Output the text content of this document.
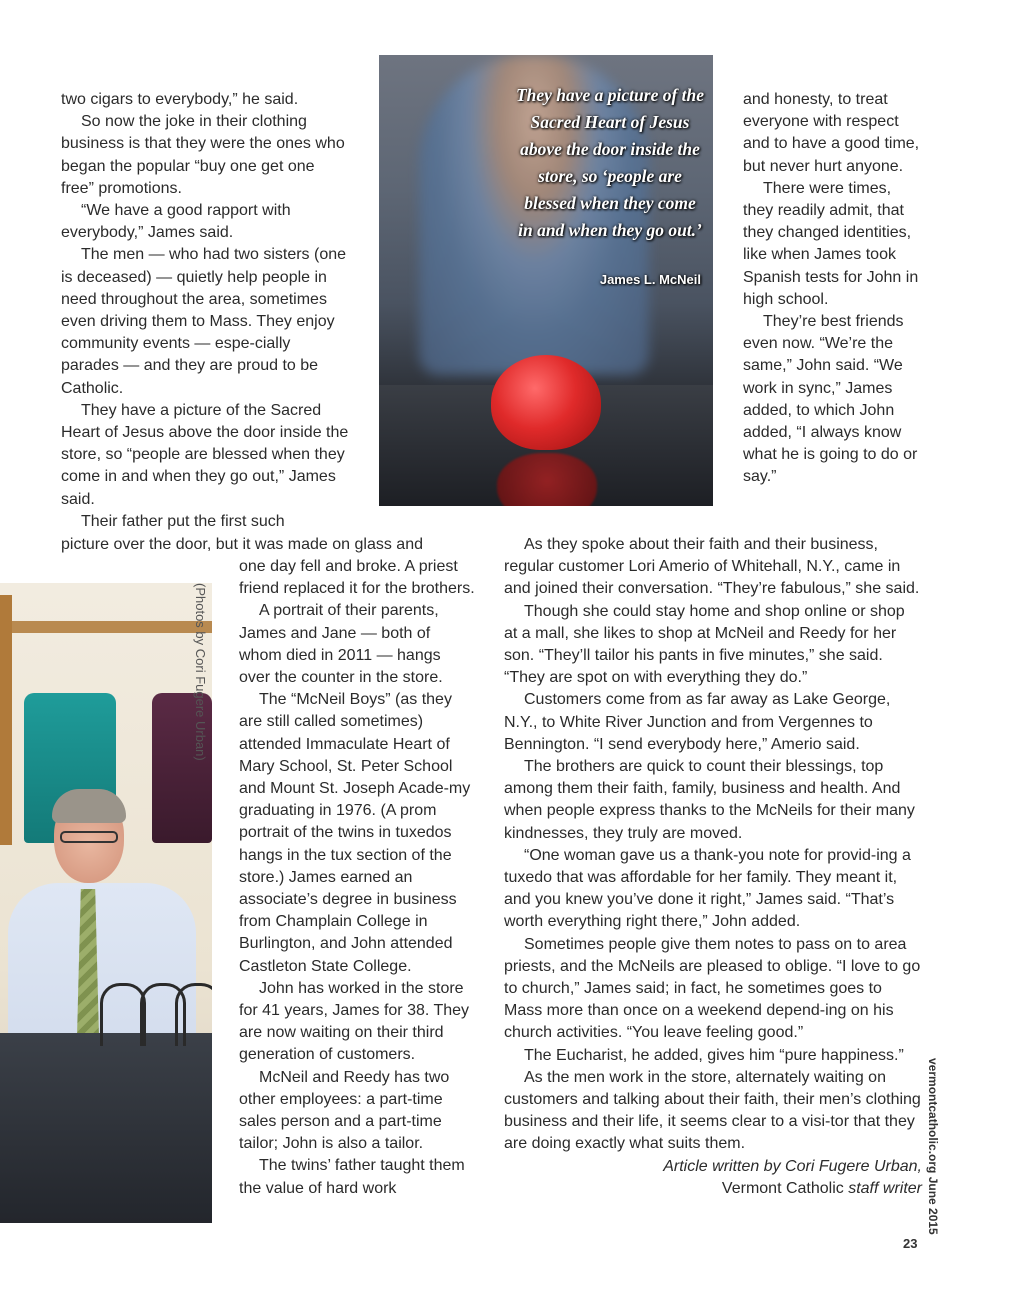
They have a picture of the Sacred Heart of Jesus above the door inside the store, so ‘people are blessed when they come in and when they go out.’
James L. McNeil

two cigars to everybody,” he said.

So now the joke in their clothing business is that they were the ones who began the popular “buy one get one free” promotions.

“We have a good rapport with everybody,” James said.

The men — who had two sisters (one is deceased) — quietly help people in need throughout the area, sometimes even driving them to Mass. They enjoy community events — espe-cially parades — and they are proud to be Catholic.

They have a picture of the Sacred Heart of Jesus above the door inside the store, so “people are blessed when they come in and when they go out,” James said.

Their father put the first such

picture over the door, but it was made on glass and

(Photos by Cori Fugere Urban)

one day fell and broke. A priest friend replaced it for the brothers.

A portrait of their parents, James and Jane — both of whom died in 2011 — hangs over the counter in the store.

The “McNeil Boys” (as they are still called sometimes) attended Immaculate Heart of Mary School, St. Peter School and Mount St. Joseph Acade-my graduating in 1976. (A prom portrait of the twins in tuxedos hangs in the tux section of the store.) James earned an associate’s degree in business from Champlain College in Burlington, and John attended Castleton State College.

John has worked in the store for 41 years, James for 38. They are now waiting on their third generation of customers.

McNeil and Reedy has two other employees: a part-time sales person and a part-time tailor; John is also a tailor.

The twins’ father taught them the value of hard work

and honesty, to treat everyone with respect and to have a good time, but never hurt anyone.

There were times, they readily admit, that they changed identities, like when James took Spanish tests for John in high school.

They’re best friends even now. “We’re the same,” John said. “We work in sync,” James added, to which John added, “I always know what he is going to do or say.”

As they spoke about their faith and their business, regular customer Lori Amerio of Whitehall, N.Y., came in and joined their conversation. “They’re fabulous,” she said.

Though she could stay home and shop online or shop at a mall, she likes to shop at McNeil and Reedy for her son. “They’ll tailor his pants in five minutes,” she said. “They are spot on with everything they do.”

Customers come from as far away as Lake George, N.Y., to White River Junction and from Vergennes to Bennington. “I send everybody here,” Amerio said.

The brothers are quick to count their blessings, top among them their faith, family, business and health. And when people express thanks to the McNeils for their many kindnesses, they truly are moved.

“One woman gave us a thank-you note for provid-ing a tuxedo that was affordable for her family. They meant it, and you knew you’ve done it right,” James said. “That’s worth everything right there,” John added.

Sometimes people give them notes to pass on to area priests, and the McNeils are pleased to oblige. “I love to go to church,” James said; in fact, he sometimes goes to Mass more than once on a weekend depend-ing on his church activities. “You leave feeling good.”

The Eucharist, he added, gives him “pure happiness.”

As the men work in the store, alternately waiting on customers and talking about their faith, their men’s clothing business and their life, it seems clear to a visi-tor that they are doing exactly what suits them.

Article written by Cori Fugere Urban,

Vermont Catholic staff writer vermontcatholic.org June 2015
23
